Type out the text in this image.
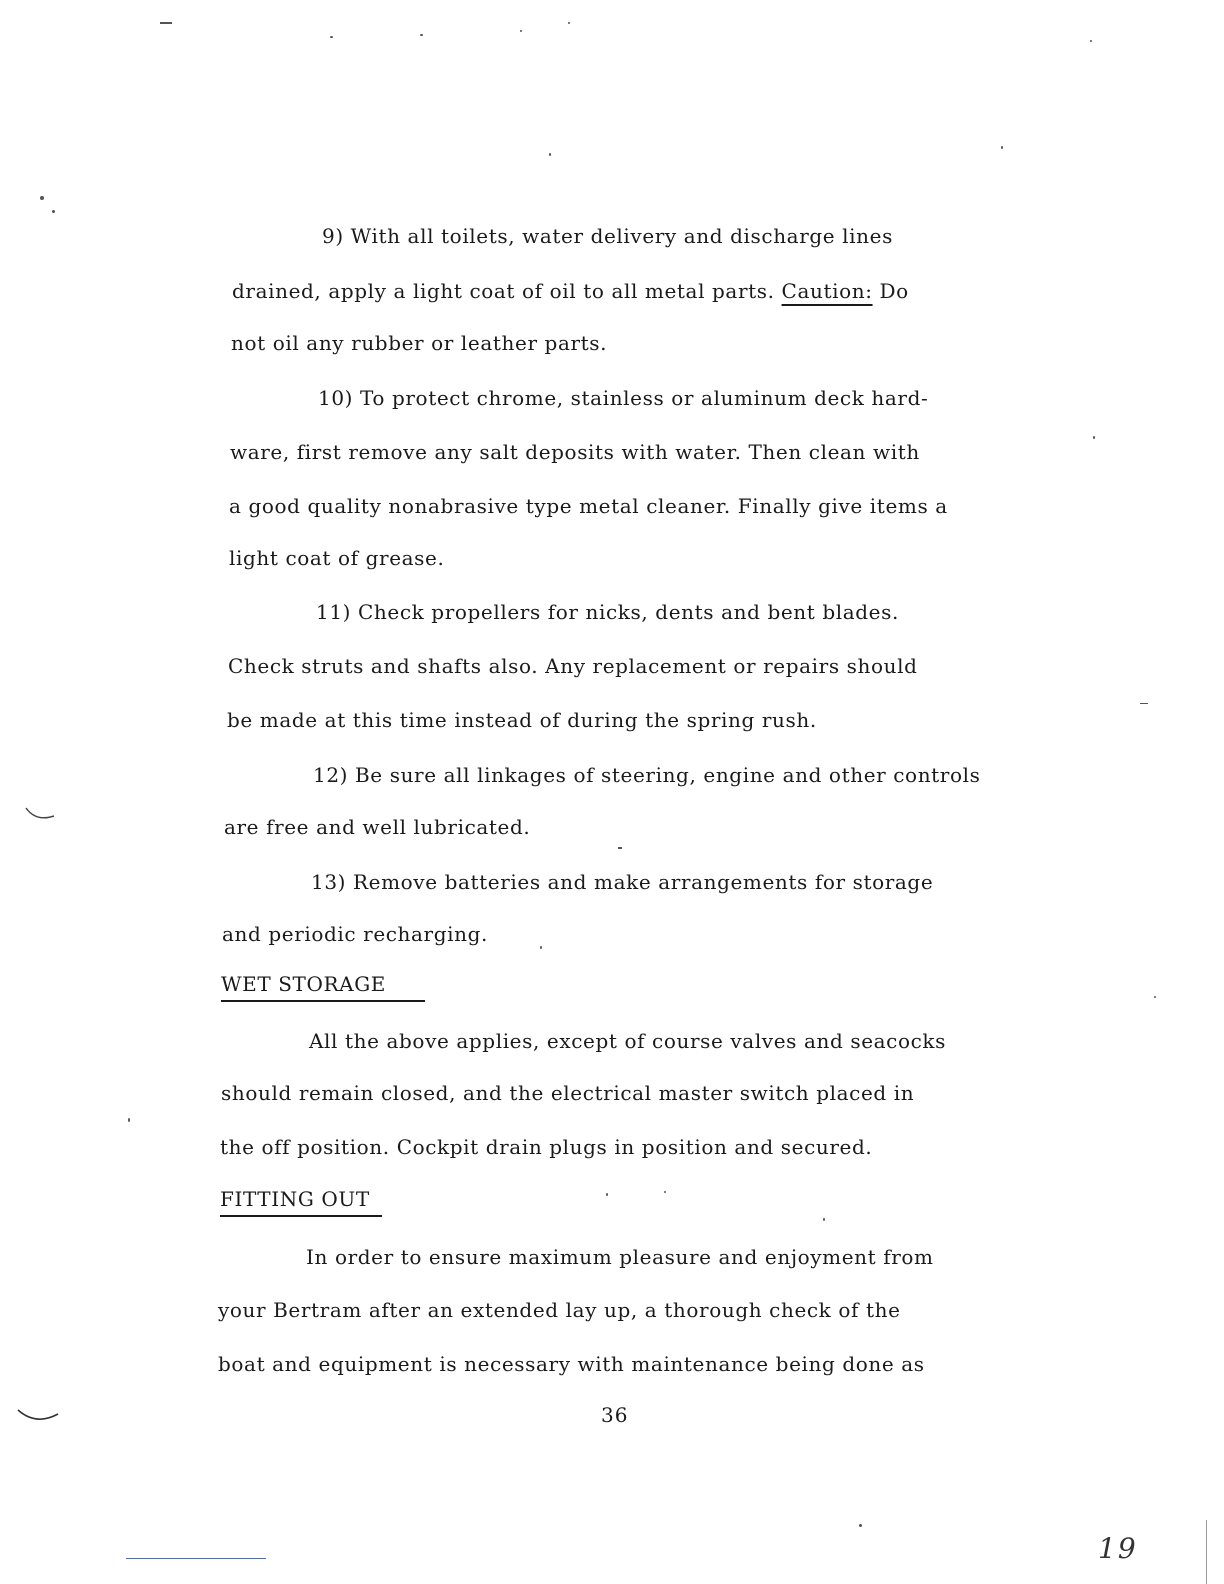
9) With all toilets, water delivery and discharge lines
drained, apply a light coat of oil to all metal parts. Caution: Do
not oil any rubber or leather parts.
10) To protect chrome, stainless or aluminum deck hard-
ware, first remove any salt deposits with water. Then clean with
a good quality nonabrasive type metal cleaner. Finally give items a
light coat of grease.
11) Check propellers for nicks, dents and bent blades.
Check struts and shafts also. Any replacement or repairs should
be made at this time instead of during the spring rush.
12) Be sure all linkages of steering, engine and other controls
are free and well lubricated.
13) Remove batteries and make arrangements for storage
and periodic recharging.
WET STORAGE
All the above applies, except of course valves and seacocks
should remain closed, and the electrical master switch placed in
the off position. Cockpit drain plugs in position and secured.
FITTING OUT
In order to ensure maximum pleasure and enjoyment from
your Bertram after an extended lay up, a thorough check of the
boat and equipment is necessary with maintenance being done as
36
19
